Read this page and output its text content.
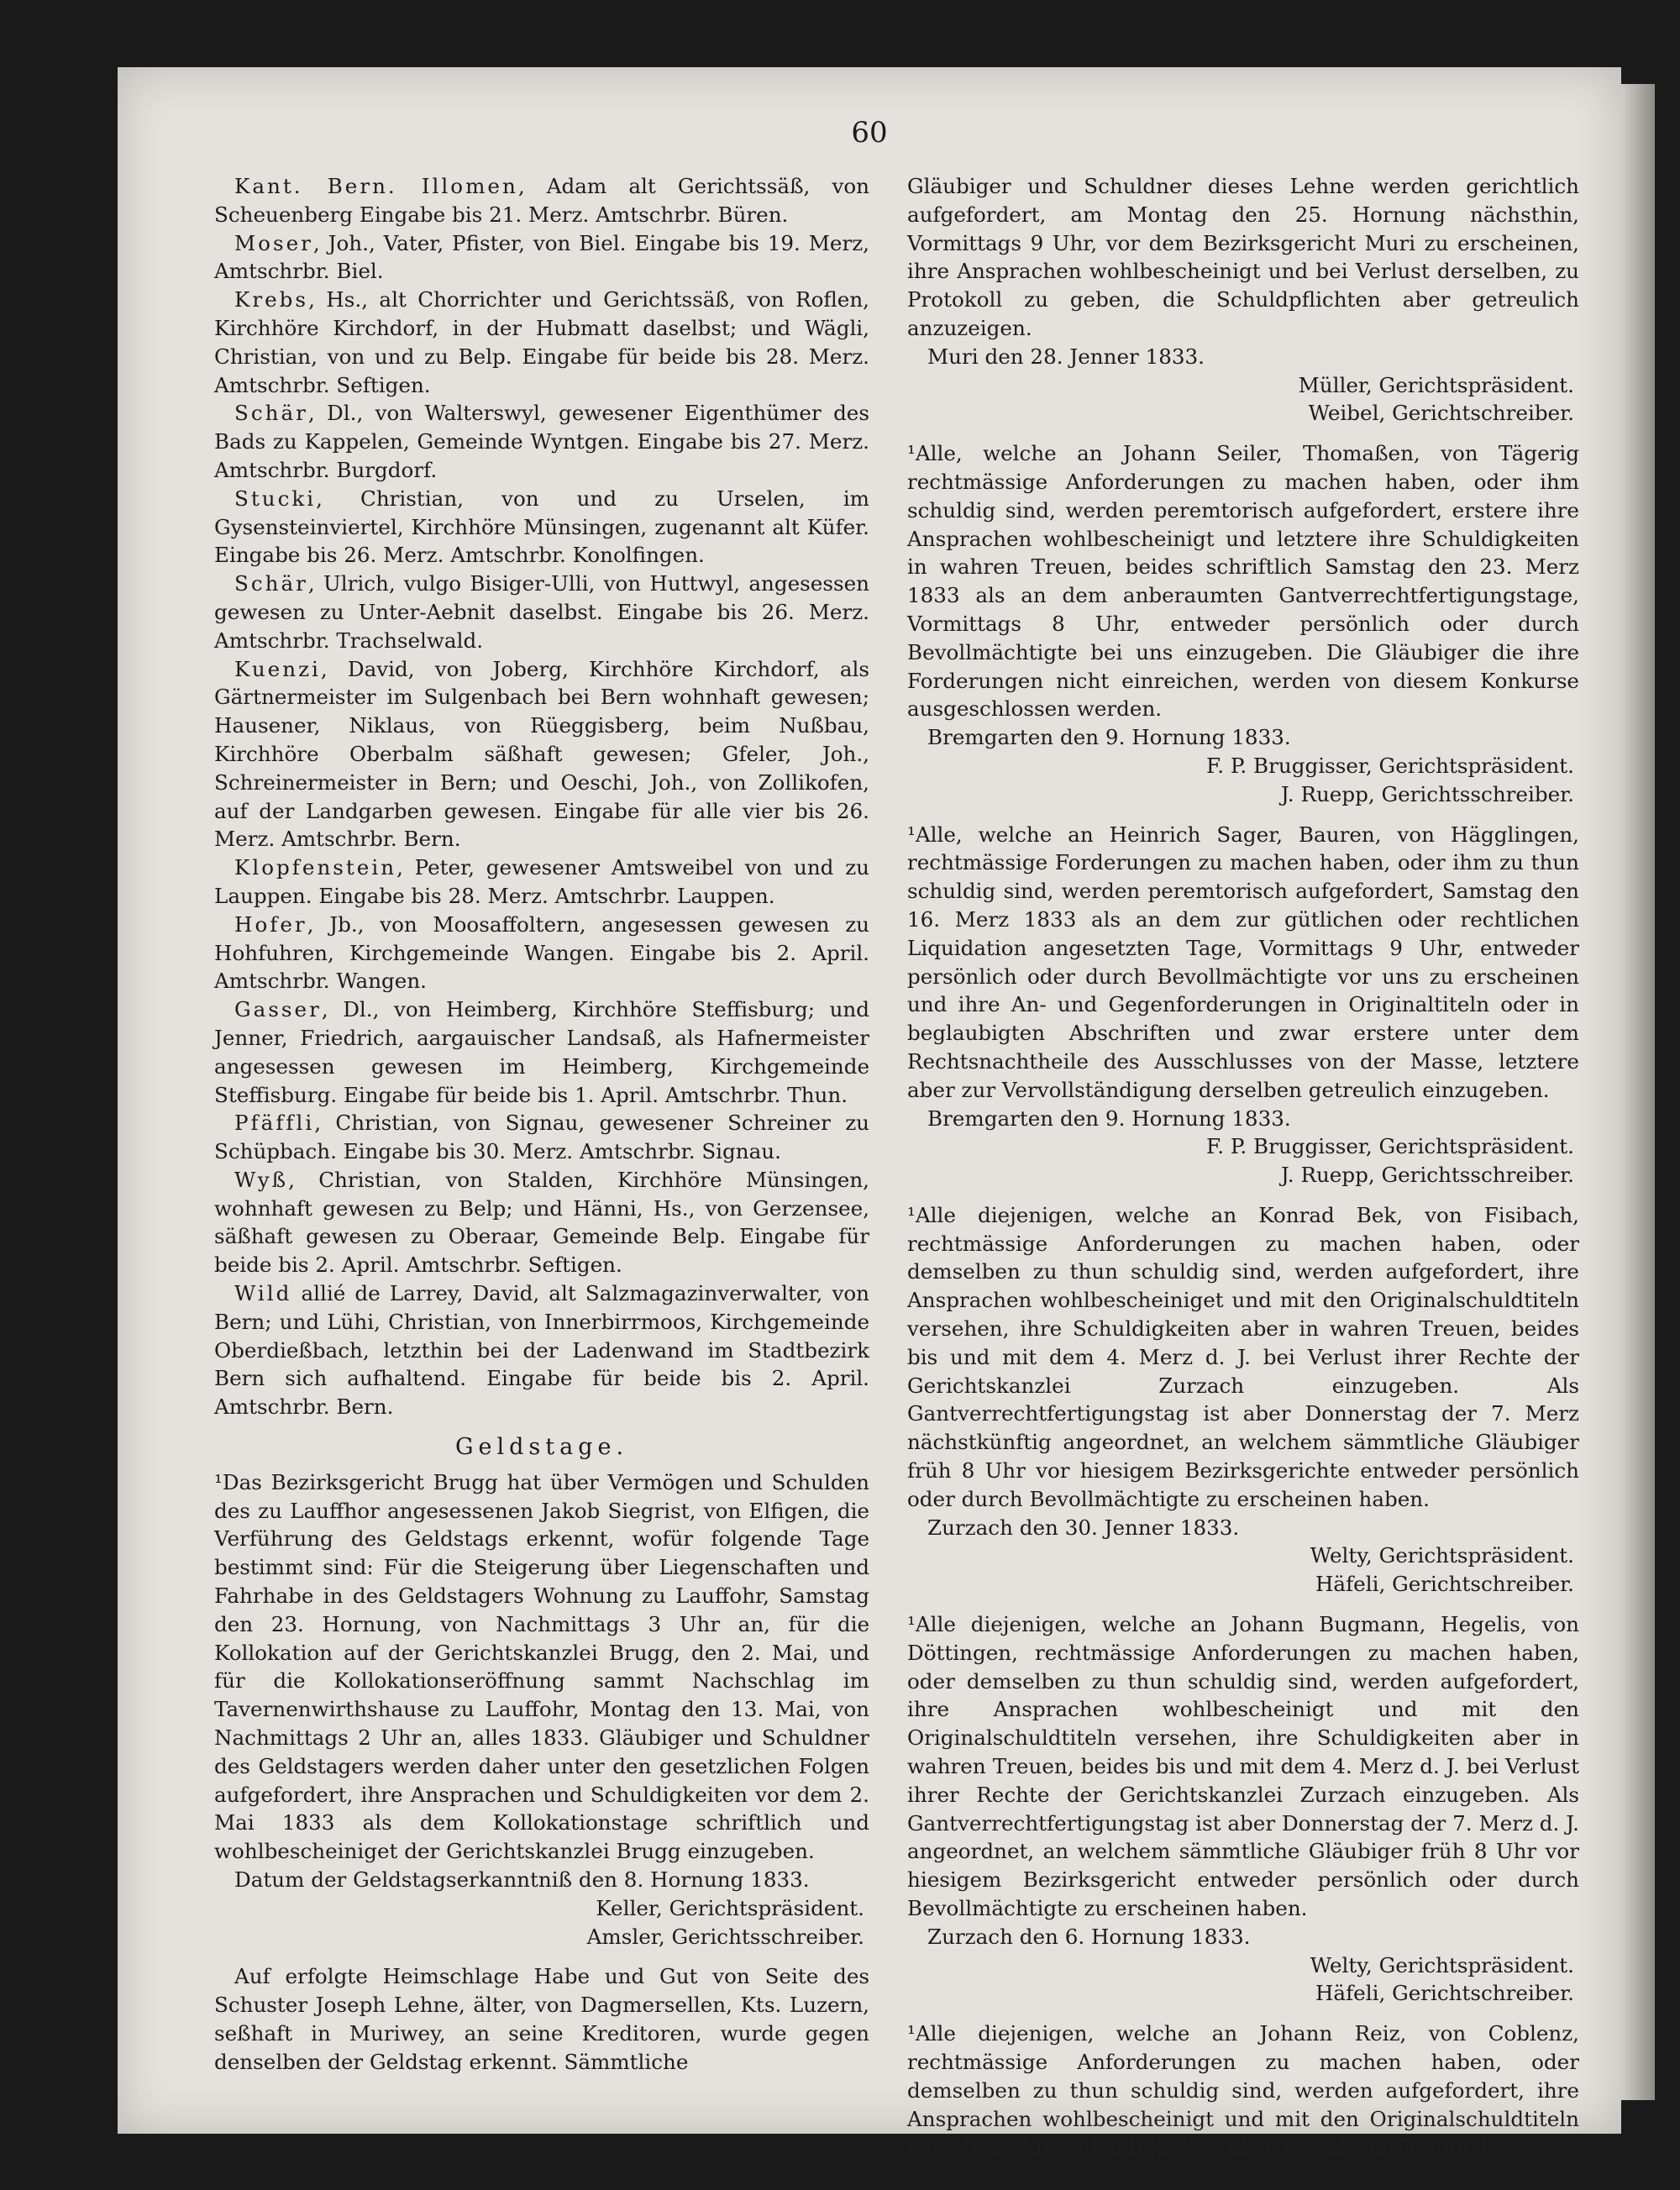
60

Kant. Bern. Illomen, Adam alt Gerichtssäß, von Scheuenberg Eingabe bis 21. Merz. Amtschrbr. Büren.

Moser, Joh., Vater, Pfister, von Biel. Eingabe bis 19. Merz, Amtschrbr. Biel.

Krebs, Hs., alt Chorrichter und Gerichtssäß, von Roflen, Kirchhöre Kirchdorf, in der Hubmatt daselbst; und Wägli, Christian, von und zu Belp. Eingabe für beide bis 28. Merz. Amtschrbr. Seftigen.

Schär, Dl., von Walterswyl, gewesener Eigenthümer des Bads zu Kappelen, Gemeinde Wyntgen. Eingabe bis 27. Merz. Amtschrbr. Burgdorf.

Stucki, Christian, von und zu Urselen, im Gysensteinviertel, Kirchhöre Münsingen, zugenannt alt Küfer. Eingabe bis 26. Merz. Amtschrbr. Konolfingen.

Schär, Ulrich, vulgo Bisiger-Ulli, von Huttwyl, angesessen gewesen zu Unter-Aebnit daselbst. Eingabe bis 26. Merz. Amtschrbr. Trachselwald.

Kuenzi, David, von Joberg, Kirchhöre Kirchdorf, als Gärtnermeister im Sulgenbach bei Bern wohnhaft gewesen; Hausener, Niklaus, von Rüeggisberg, beim Nußbau, Kirchhöre Oberbalm säßhaft gewesen; Gfeler, Joh., Schreinermeister in Bern; und Oeschi, Joh., von Zollikofen, auf der Landgarben gewesen. Eingabe für alle vier bis 26. Merz. Amtschrbr. Bern.

Klopfenstein, Peter, gewesener Amtsweibel von und zu Lauppen. Eingabe bis 28. Merz. Amtschrbr. Lauppen.

Hofer, Jb., von Moosaffoltern, angesessen gewesen zu Hohfuhren, Kirchgemeinde Wangen. Eingabe bis 2. April. Amtschrbr. Wangen.

Gasser, Dl., von Heimberg, Kirchhöre Steffisburg; und Jenner, Friedrich, aargauischer Landsaß, als Hafnermeister angesessen gewesen im Heimberg, Kirchgemeinde Steffisburg. Eingabe für beide bis 1. April. Amtschrbr. Thun.

Pfäffli, Christian, von Signau, gewesener Schreiner zu Schüpbach. Eingabe bis 30. Merz. Amtschrbr. Signau.

Wyß, Christian, von Stalden, Kirchhöre Münsingen, wohnhaft gewesen zu Belp; und Hänni, Hs., von Gerzensee, säßhaft gewesen zu Oberaar, Gemeinde Belp. Eingabe für beide bis 2. April. Amtschrbr. Seftigen.

Wild allié de Larrey, David, alt Salzmagazinverwalter, von Bern; und Lühi, Christian, von Innerbirrmoos, Kirchgemeinde Oberdießbach, letzthin bei der Ladenwand im Stadtbezirk Bern sich aufhaltend. Eingabe für beide bis 2. April. Amtschrbr. Bern.

Geldstage.

¹Das Bezirksgericht Brugg hat über Vermögen und Schulden des zu Lauffhor angesessenen Jakob Siegrist, von Elfigen, die Verführung des Geldstags erkennt, wofür folgende Tage bestimmt sind: Für die Steigerung über Liegenschaften und Fahrhabe in des Geldstagers Wohnung zu Lauffohr, Samstag den 23. Hornung, von Nachmittags 3 Uhr an, für die Kollokation auf der Gerichtskanzlei Brugg, den 2. Mai, und für die Kollokationseröffnung sammt Nachschlag im Tavernenwirthshause zu Lauffohr, Montag den 13. Mai, von Nachmittags 2 Uhr an, alles 1833. Gläubiger und Schuldner des Geldstagers werden daher unter den gesetzlichen Folgen aufgefordert, ihre Ansprachen und Schuldigkeiten vor dem 2. Mai 1833 als dem Kollokationstage schriftlich und wohlbescheiniget der Gerichtskanzlei Brugg einzugeben.

Datum der Geldstagserkanntniß den 8. Hornung 1833.

Keller, Gerichtspräsident.

Amsler, Gerichtsschreiber.

Auf erfolgte Heimschlage Habe und Gut von Seite des Schuster Joseph Lehne, älter, von Dagmersellen, Kts. Luzern, seßhaft in Muriwey, an seine Kreditoren, wurde gegen denselben der Geldstag erkennt. Sämmtliche

Gläubiger und Schuldner dieses Lehne werden gerichtlich aufgefordert, am Montag den 25. Hornung nächsthin, Vormittags 9 Uhr, vor dem Bezirksgericht Muri zu erscheinen, ihre Ansprachen wohlbescheinigt und bei Verlust derselben, zu Protokoll zu geben, die Schuldpflichten aber getreulich anzuzeigen.

Muri den 28. Jenner 1833.

Müller, Gerichtspräsident.

Weibel, Gerichtschreiber.

¹Alle, welche an Johann Seiler, Thomaßen, von Tägerig rechtmässige Anforderungen zu machen haben, oder ihm schuldig sind, werden peremtorisch aufgefordert, erstere ihre Ansprachen wohlbescheinigt und letztere ihre Schuldigkeiten in wahren Treuen, beides schriftlich Samstag den 23. Merz 1833 als an dem anberaumten Gantverrechtfertigungstage, Vormittags 8 Uhr, entweder persönlich oder durch Bevollmächtigte bei uns einzugeben. Die Gläubiger die ihre Forderungen nicht einreichen, werden von diesem Konkurse ausgeschlossen werden.

Bremgarten den 9. Hornung 1833.

F. P. Bruggisser, Gerichtspräsident.

J. Ruepp, Gerichtsschreiber.

¹Alle, welche an Heinrich Sager, Bauren, von Hägglingen, rechtmässige Forderungen zu machen haben, oder ihm zu thun schuldig sind, werden peremtorisch aufgefordert, Samstag den 16. Merz 1833 als an dem zur gütlichen oder rechtlichen Liquidation angesetzten Tage, Vormittags 9 Uhr, entweder persönlich oder durch Bevollmächtigte vor uns zu erscheinen und ihre An- und Gegenforderungen in Originaltiteln oder in beglaubigten Abschriften und zwar erstere unter dem Rechtsnachtheile des Ausschlusses von der Masse, letztere aber zur Vervollständigung derselben getreulich einzugeben.

Bremgarten den 9. Hornung 1833.

F. P. Bruggisser, Gerichtspräsident.

J. Ruepp, Gerichtsschreiber.

¹Alle diejenigen, welche an Konrad Bek, von Fisibach, rechtmässige Anforderungen zu machen haben, oder demselben zu thun schuldig sind, werden aufgefordert, ihre Ansprachen wohlbescheiniget und mit den Originalschuldtiteln versehen, ihre Schuldigkeiten aber in wahren Treuen, beides bis und mit dem 4. Merz d. J. bei Verlust ihrer Rechte der Gerichtskanzlei Zurzach einzugeben. Als Gantverrechtfertigungstag ist aber Donnerstag der 7. Merz nächstkünftig angeordnet, an welchem sämmtliche Gläubiger früh 8 Uhr vor hiesigem Bezirksgerichte entweder persönlich oder durch Bevollmächtigte zu erscheinen haben.

Zurzach den 30. Jenner 1833.

Welty, Gerichtspräsident.

Häfeli, Gerichtschreiber.

¹Alle diejenigen, welche an Johann Bugmann, Hegelis, von Döttingen, rechtmässige Anforderungen zu machen haben, oder demselben zu thun schuldig sind, werden aufgefordert, ihre Ansprachen wohlbescheinigt und mit den Originalschuldtiteln versehen, ihre Schuldigkeiten aber in wahren Treuen, beides bis und mit dem 4. Merz d. J. bei Verlust ihrer Rechte der Gerichtskanzlei Zurzach einzugeben. Als Gantverrechtfertigungstag ist aber Donnerstag der 7. Merz d. J. angeordnet, an welchem sämmtliche Gläubiger früh 8 Uhr vor hiesigem Bezirksgericht entweder persönlich oder durch Bevollmächtigte zu erscheinen haben.

Zurzach den 6. Hornung 1833.

Welty, Gerichtspräsident.

Häfeli, Gerichtschreiber.

¹Alle diejenigen, welche an Johann Reiz, von Coblenz, rechtmässige Anforderungen zu machen haben, oder demselben zu thun schuldig sind, werden aufgefordert, ihre Ansprachen wohlbescheinigt und mit den Originalschuldtiteln versehen, ihre Schuldigkeiten aber in wahren Treuen, bei-
